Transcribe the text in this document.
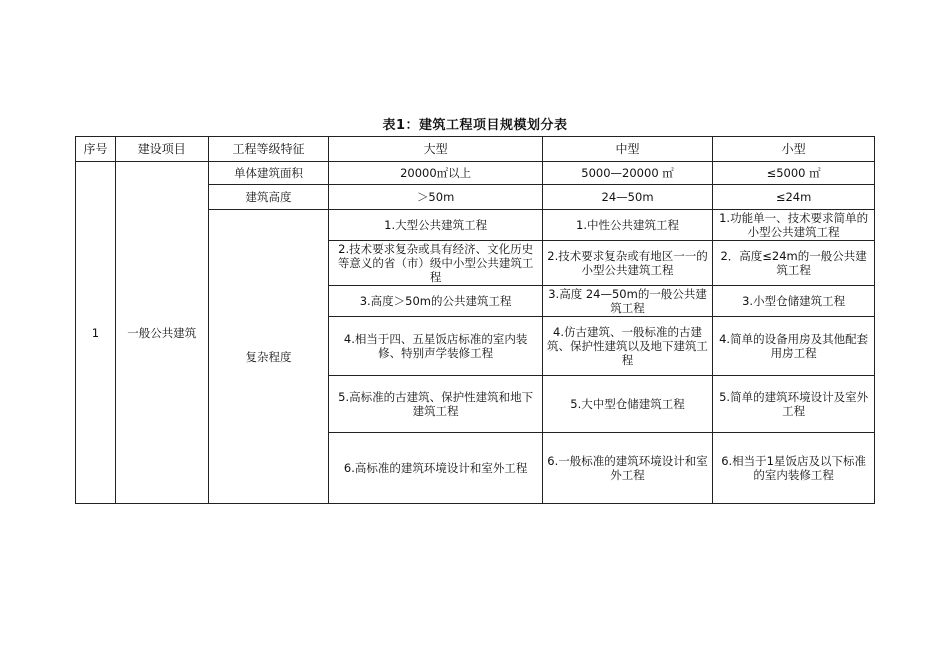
表1：建筑工程项目规模划分表
序号	建设项目	工程等级特征	大型	中型	小型
1	一般公共建筑	单体建筑面积	20000㎡以上	5000—20000 ㎡	≤5000 ㎡
		建筑高度	＞50m	24—50m	≤24m
		复杂程度	1.大型公共建筑工程	1.中性公共建筑工程	1.功能单一、技术要求简单的小型公共建筑工程
			2.技术要求复杂或具有经济、文化历史等意义的省（市）级中小型公共建筑工程	2.技术要求复杂或有地区一一的小型公共建筑工程	2．高度≤24m的一般公共建筑工程
			3.高度＞50m的公共建筑工程	3.高度 24—50m的一般公共建筑工程	3.小型仓储建筑工程
			4.相当于四、五星饭店标准的室内装修、特别声学装修工程	4.仿古建筑、一般标准的古建筑、保护性建筑以及地下建筑工程	4.简单的设备用房及其他配套用房工程
			5.高标准的古建筑、保护性建筑和地下建筑工程	5.大中型仓储建筑工程	5.简单的建筑环境设计及室外工程
			6.高标准的建筑环境设计和室外工程	6.一般标准的建筑环境设计和室外工程	6.相当于1星饭店及以下标准的室内装修工程
